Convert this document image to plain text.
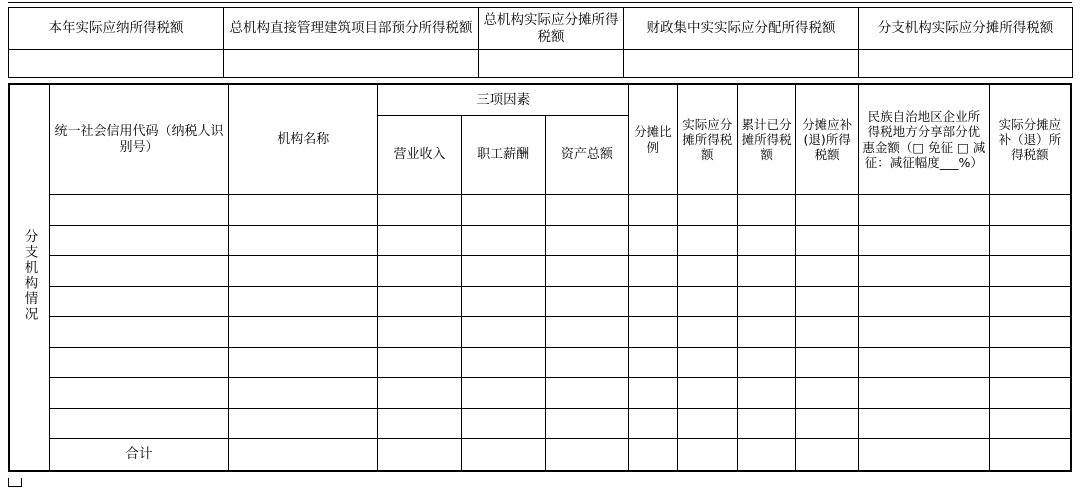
本年实际应纳所得税额	总机构直接管理建筑项目部预分所得税额	总机构实际应分摊所得税额	财政集中实实际应分配所得税额	分支机构实际应分摊所得税额

分支机构情况	统一社会信用代码（纳税人识别号）	机构名称	三项因素			分摊比例	实际应分摊所得税额	累计已分摊所得税额	分摊应补(退)所得税额	民族自治地区企业所得税地方分享部分优惠金额（□ 免征 □ 减征：减征幅度___%）	实际分摊应补（退）所得税额
			营业收入	职工薪酬	资产总额						

	合计										
